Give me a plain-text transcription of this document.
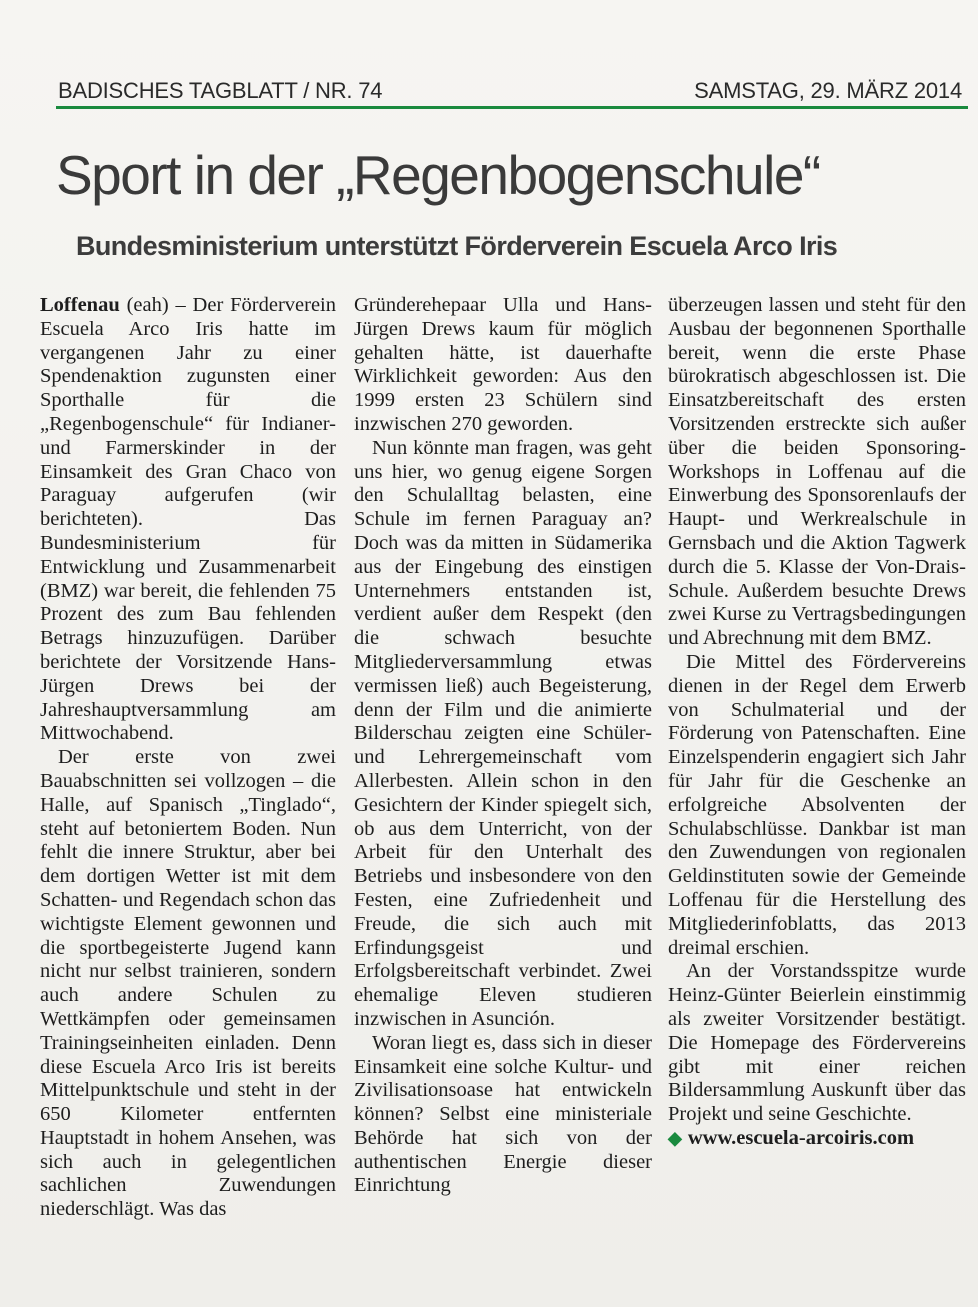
BADISCHES TAGBLATT / NR. 74	SAMSTAG, 29. MÄRZ 2014
Sport in der „Regenbogenschule“
Bundesministerium unterstützt Förderverein Escuela Arco Iris

Loffenau (eah) – Der Förderverein Escuela Arco Iris hatte im vergangenen Jahr zu einer Spendenaktion zugunsten einer Sporthalle für die „Regenbogenschule“ für Indianer- und Farmerskinder in der Einsamkeit des Gran Chaco von Paraguay aufgerufen (wir berichteten). Das Bundesministerium für Entwicklung und Zusammenarbeit (BMZ) war bereit, die fehlenden 75 Prozent des zum Bau fehlenden Betrags hinzuzufügen. Darüber berichtete der Vorsitzende Hans-Jürgen Drews bei der Jahreshauptversammlung am Mittwochabend.

Der erste von zwei Bauabschnitten sei vollzogen – die Halle, auf Spanisch „Tinglado“, steht auf betoniertem Boden. Nun fehlt die innere Struktur, aber bei dem dortigen Wetter ist mit dem Schatten- und Regendach schon das wichtigste Element gewonnen und die sportbegeisterte Jugend kann nicht nur selbst trainieren, sondern auch andere Schulen zu Wettkämpfen oder gemeinsamen Trainingseinheiten einladen. Denn diese Escuela Arco Iris ist bereits Mittelpunktschule und steht in der 650 Kilometer entfernten Hauptstadt in hohem Ansehen, was sich auch in gelegentlichen sachlichen Zuwendungen niederschlägt. Was das

Gründerehepaar Ulla und Hans-Jürgen Drews kaum für möglich gehalten hätte, ist dauerhafte Wirklichkeit geworden: Aus den 1999 ersten 23 Schülern sind inzwischen 270 geworden.

Nun könnte man fragen, was geht uns hier, wo genug eigene Sorgen den Schulalltag belasten, eine Schule im fernen Paraguay an? Doch was da mitten in Südamerika aus der Eingebung des einstigen Unternehmers entstanden ist, verdient außer dem Respekt (den die schwach besuchte Mitgliederversammlung etwas vermissen ließ) auch Begeisterung, denn der Film und die animierte Bilderschau zeigten eine Schüler- und Lehrergemeinschaft vom Allerbesten. Allein schon in den Gesichtern der Kinder spiegelt sich, ob aus dem Unterricht, von der Arbeit für den Unterhalt des Betriebs und insbesondere von den Festen, eine Zufriedenheit und Freude, die sich auch mit Erfindungsgeist und Erfolgsbereitschaft verbindet. Zwei ehemalige Eleven studieren inzwischen in Asunción.

Woran liegt es, dass sich in dieser Einsamkeit eine solche Kultur- und Zivilisationsoase hat entwickeln können? Selbst eine ministeriale Behörde hat sich von der authentischen Energie dieser Einrichtung

überzeugen lassen und steht für den Ausbau der begonnenen Sporthalle bereit, wenn die erste Phase bürokratisch abgeschlossen ist. Die Einsatzbereitschaft des ersten Vorsitzenden erstreckte sich außer über die beiden Sponsoring-Workshops in Loffenau auf die Einwerbung des Sponsorenlaufs der Haupt- und Werkrealschule in Gernsbach und die Aktion Tagwerk durch die 5. Klasse der Von-Drais-Schule. Außerdem besuchte Drews zwei Kurse zu Vertragsbedingungen und Abrechnung mit dem BMZ.

Die Mittel des Fördervereins dienen in der Regel dem Erwerb von Schulmaterial und der Förderung von Patenschaften. Eine Einzelspenderin engagiert sich Jahr für Jahr für die Geschenke an erfolgreiche Absolventen der Schulabschlüsse. Dankbar ist man den Zuwendungen von regionalen Geldinstituten sowie der Gemeinde Loffenau für die Herstellung des Mitgliederinfoblatts, das 2013 dreimal erschien.

An der Vorstandsspitze wurde Heinz-Günter Beierlein einstimmig als zweiter Vorsitzender bestätigt. Die Homepage des Fördervereins gibt mit einer reichen Bildersammlung Auskunft über das Projekt und seine Geschichte.

◆ www.escuela-arcoiris.com
